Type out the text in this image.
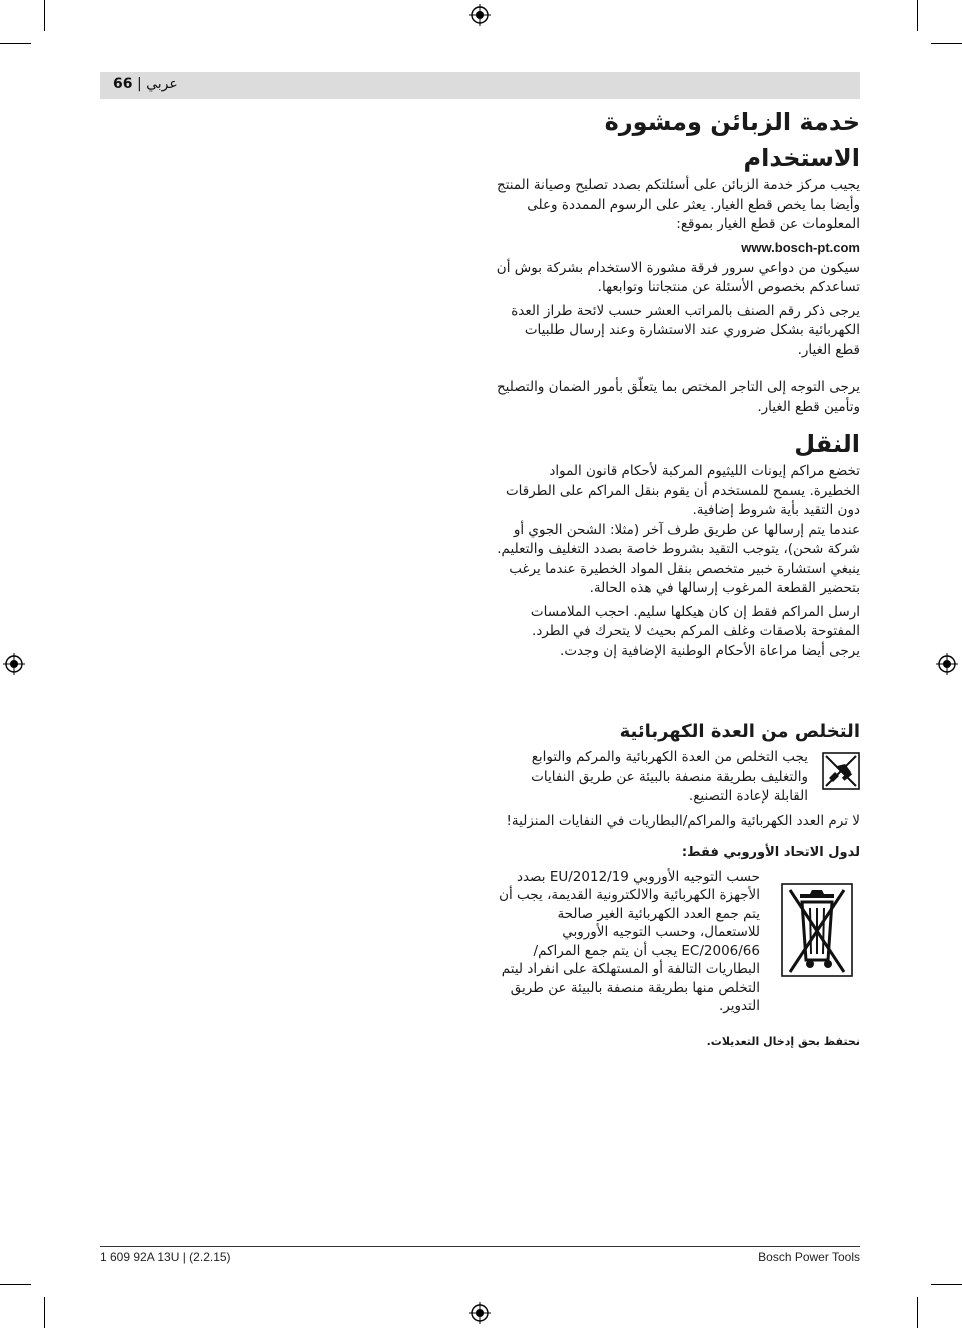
66 | عربي
خدمة الزبائن ومشورة
الاستخدام

يجيب مركز خدمة الزبائن على أسئلتكم بصدد تصليح وصيانة المنتج وأيضا بما يخص قطع الغيار. يعثر على الرسوم الممددة وعلى المعلومات عن قطع الغيار بموقع:

www.bosch-pt.com

سيكون من دواعي سرور فرقة مشورة الاستخدام بشركة بوش أن تساعدكم بخصوص الأسئلة عن منتجاتنا وتوابعها.

يرجى ذكر رقم الصنف بالمراتب العشر حسب لائحة طراز العدة الكهربائية بشكل ضروري عند الاستشارة وعند إرسال طلبيات قطع الغيار.

يرجى التوجه إلى التاجر المختص بما يتعلّق بأمور الضمان والتصليح وتأمين قطع الغيار.

النقل

تخضع مراكم إيونات الليثيوم المركبة لأحكام قانون المواد الخطيرة. يسمح للمستخدم أن يقوم بنقل المراكم على الطرقات دون التقيد بأية شروط إضافية.

عندما يتم إرسالها عن طريق طرف آخر (مثلا: الشحن الجوي أو شركة شحن)، يتوجب التقيد بشروط خاصة بصدد التغليف والتعليم. ينبغي استشارة خبير متخصص بنقل المواد الخطيرة عندما يرغب بتحضير القطعة المرغوب إرسالها في هذه الحالة.

ارسل المراكم فقط إن كان هيكلها سليم. احجب الملامسات المفتوحة بلاصقات وغلف المركم بحيث لا يتحرك في الطرد.

يرجى أيضا مراعاة الأحكام الوطنية الإضافية إن وجدت.

التخلص من العدة الكهربائية

يجب التخلص من العدة الكهربائية والمركم والتوابع والتغليف بطريقة منصفة بالبيئة عن طريق النفايات القابلة لإعادة التصنيع.

لا ترم العدد الكهربائية والمراكم/البطاريات في النفايات المنزلية!

لدول الاتحاد الأوروبي فقط:

حسب التوجيه الأوروبي 2012/19/EU بصدد الأجهزة الكهربائية والالكترونية القديمة، يجب أن يتم جمع العدد الكهربائية الغير صالحة للاستعمال، وحسب التوجيه الأوروبي 2006/66/EC يجب أن يتم جمع المراكم/البطاريات التالفة أو المستهلكة على انفراد ليتم التخلص منها بطريقة منصفة بالبيئة عن طريق التدوير.

نحتفظ بحق إدخال التعديلات.

1 609 92A 13U | (2.2.15)	Bosch Power Tools
